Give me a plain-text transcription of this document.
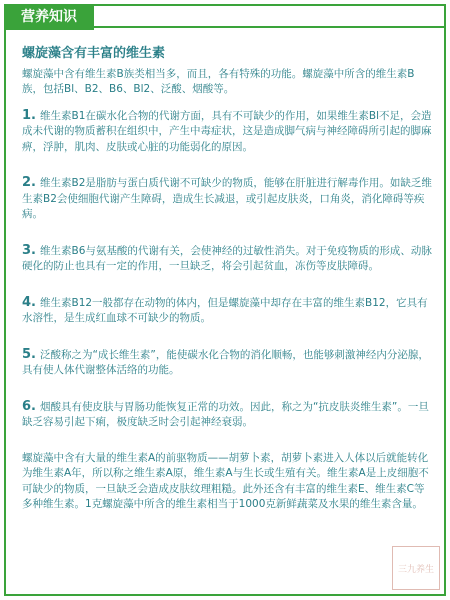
营养知识
螺旋藻含有丰富的维生素
螺旋藻中含有维生素B族类相当多，而且，各有特殊的功能。螺旋藻中所含的维生素B族，包括Bl、B2、B6、Bl2、泛酸、烟酸等。
1. 维生素B1在碳水化合物的代谢方面，具有不可缺少的作用，如果维生素Bl不足，会造成未代谢的物质蓄积在组织中，产生中毒症状，这是造成脚气病与神经障碍所引起的脚麻痹，浮肿，肌肉、皮肤或心脏的功能弱化的原因。
2. 维生素B2是脂肪与蛋白质代谢不可缺少的物质，能够在肝脏进行解毒作用。如缺乏维生素B2会使细胞代谢产生障碍，造成生长减退，或引起皮肤炎，口角炎，消化障碍等疾病。
3. 维生素B6与氨基酸的代谢有关，会使神经的过敏性消失。对于免疫物质的形成、动脉硬化的防止也具有一定的作用，一旦缺乏，将会引起贫血，冻伤等皮肤障碍。
4. 维生素B12一般都存在动物的体内，但是螺旋藻中却存在丰富的维生素B12，它具有水溶性，是生成红血球不可缺少的物质。
5. 泛酸称之为“成长维生素”，能使碳水化合物的消化顺畅，也能够刺激神经内分泌腺，具有使人体代谢整体活络的功能。
6. 烟酸具有使皮肤与胃肠功能恢复正常的功效。因此，称之为“抗皮肤炎维生素”。一旦缺乏容易引起下痢，极度缺乏时会引起神经衰弱。
螺旋藻中含有大量的维生素A的前驱物质——胡萝卜素，胡萝卜素进入人体以后就能转化为维生素A年，所以称之维生素A原，维生素A与生长或生殖有关。维生素A是上皮细胞不可缺少的物质，一旦缺乏会造成皮肤纹理粗糙。此外还含有丰富的维生素E、维生素C等多种维生素。1克螺旋藻中所含的维生素相当于1000克新鲜蔬菜及水果的维生素含量。
三九养生
